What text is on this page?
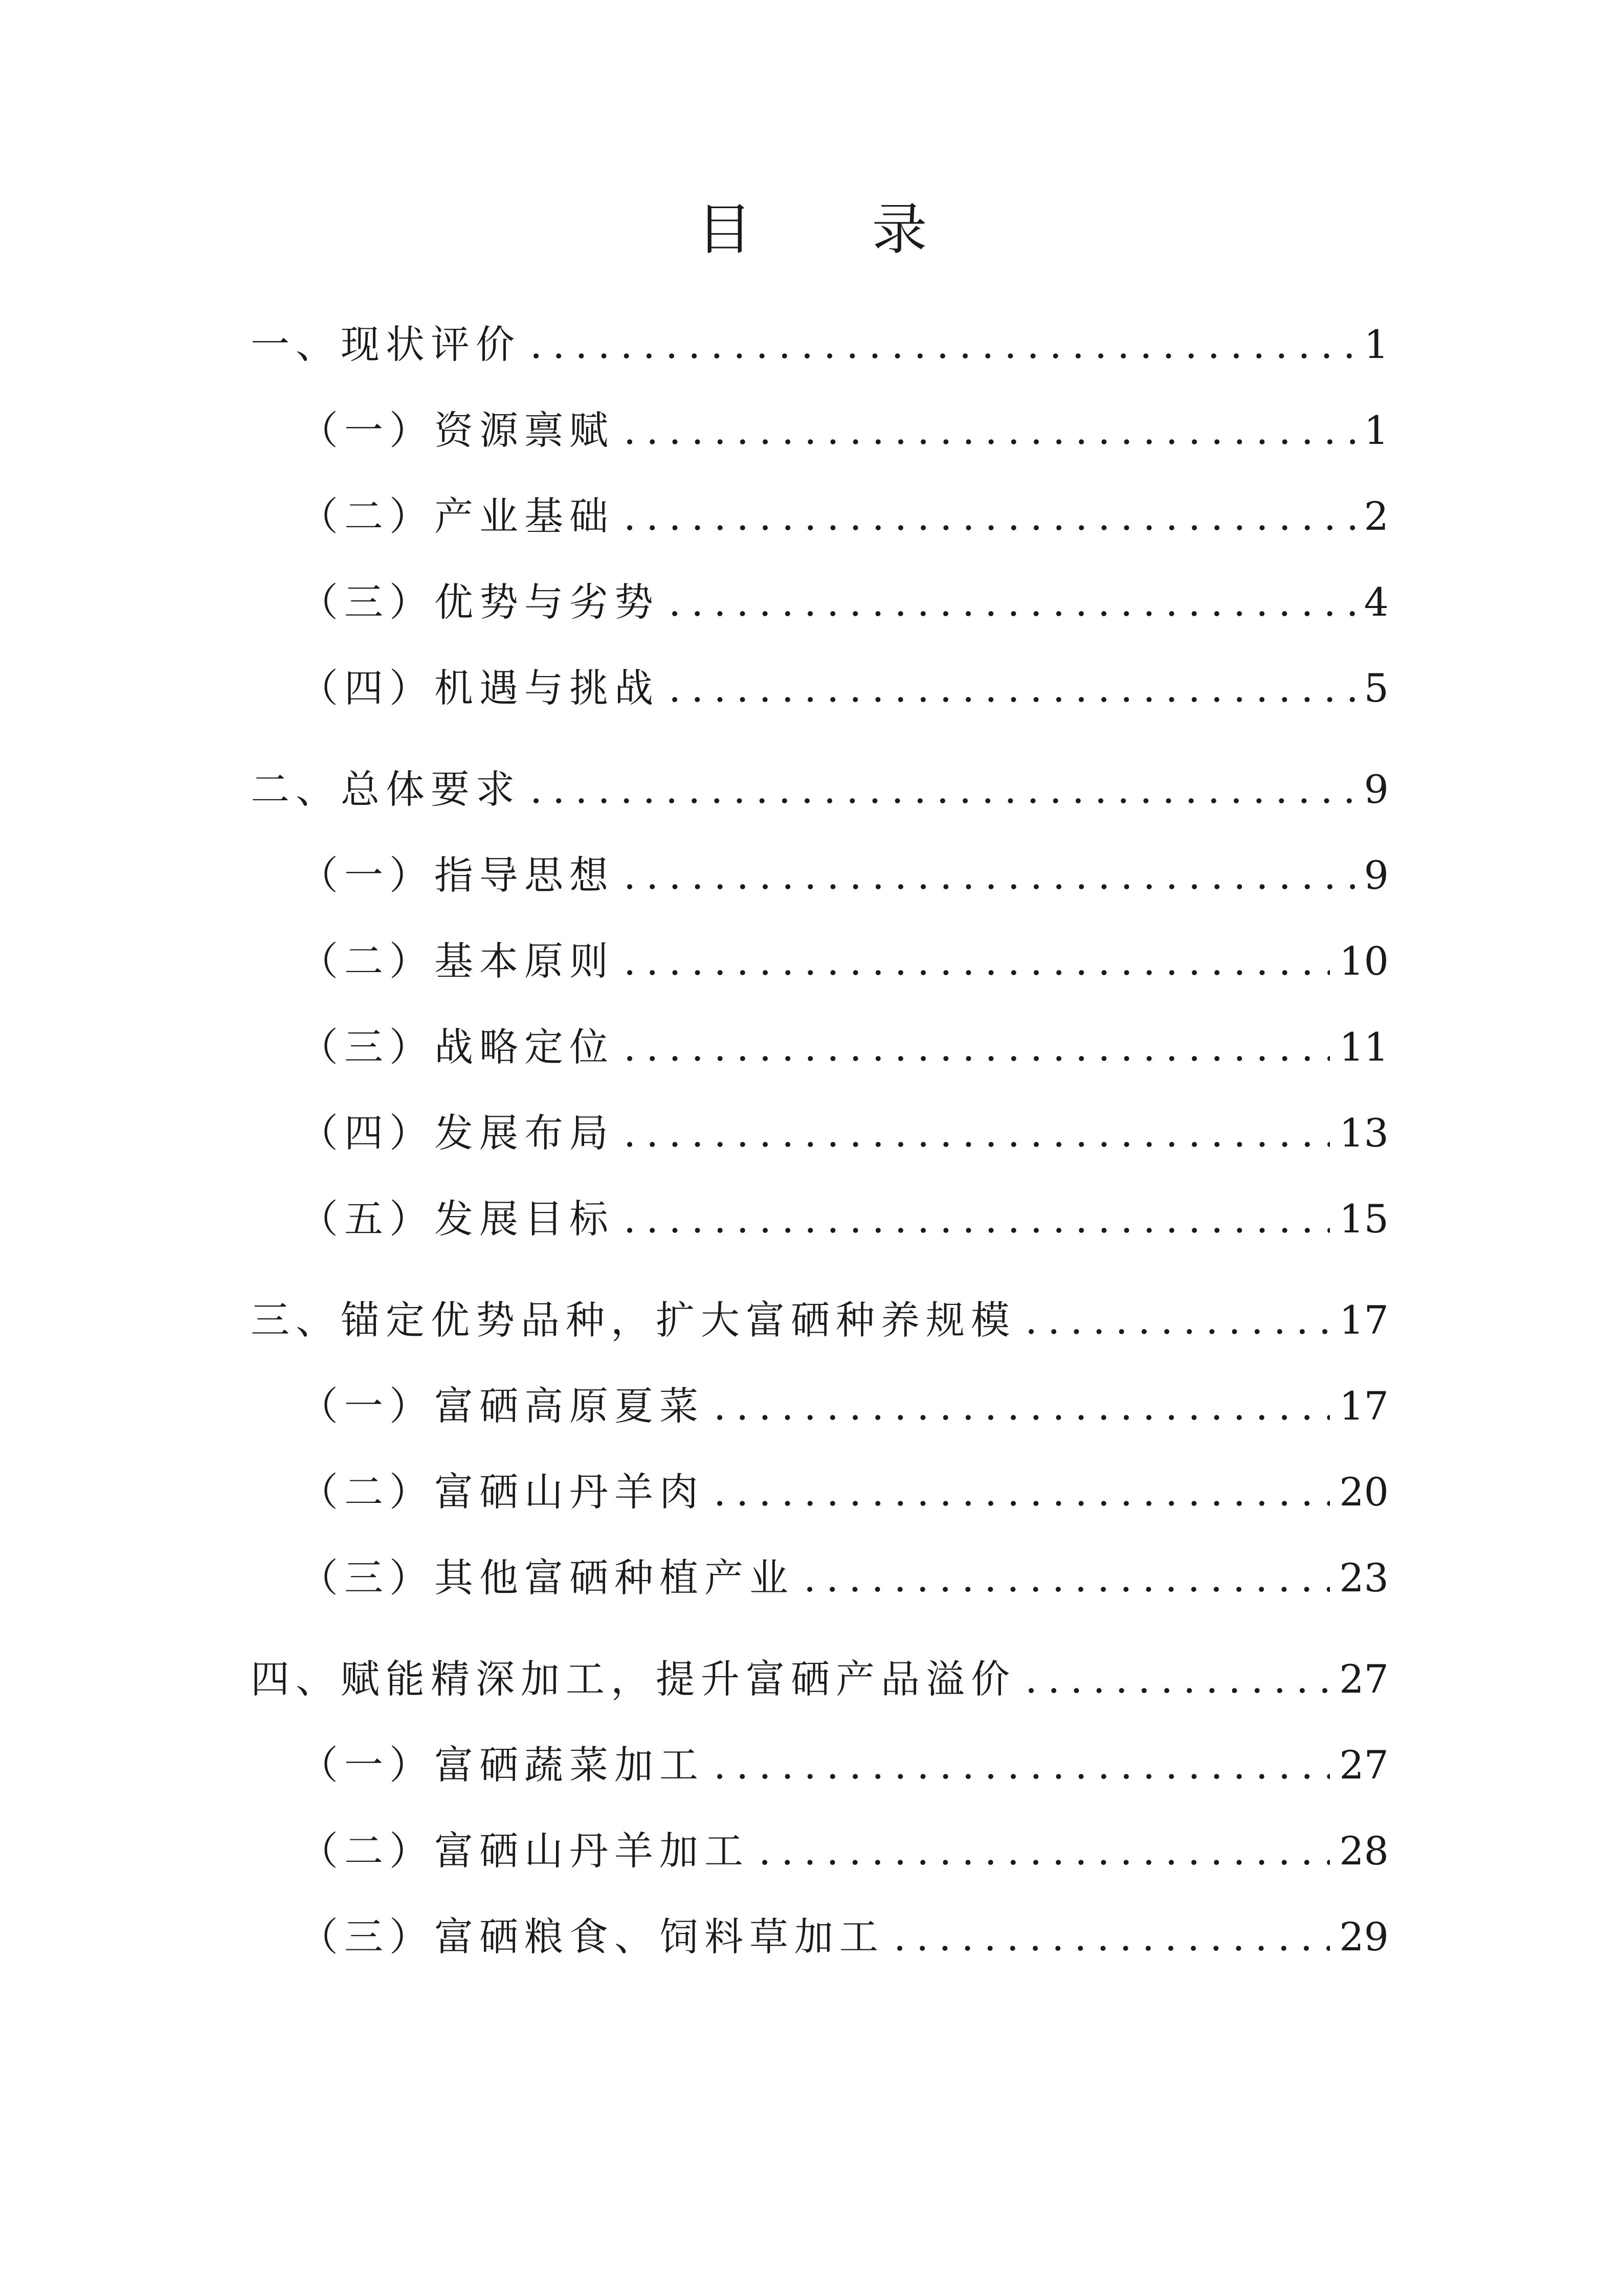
目 录
一、现状评价 .....	1
（一）资源禀赋 .....	1
（二）产业基础 .....	2
（三）优势与劣势 .....	4
（四）机遇与挑战 .....	5
二、总体要求 .....	9
（一）指导思想 .....	9
（二）基本原则 .....	10
（三）战略定位 .....	11
（四）发展布局 .....	13
（五）发展目标 .....	15
三、锚定优势品种，扩大富硒种养规模 .....	17
（一）富硒高原夏菜 .....	17
（二）富硒山丹羊肉 .....	20
（三）其他富硒种植产业 .....	23
四、赋能精深加工，提升富硒产品溢价 .....	27
（一）富硒蔬菜加工 .....	27
（二）富硒山丹羊加工 .....	28
（三）富硒粮食、饲料草加工 .....	29
